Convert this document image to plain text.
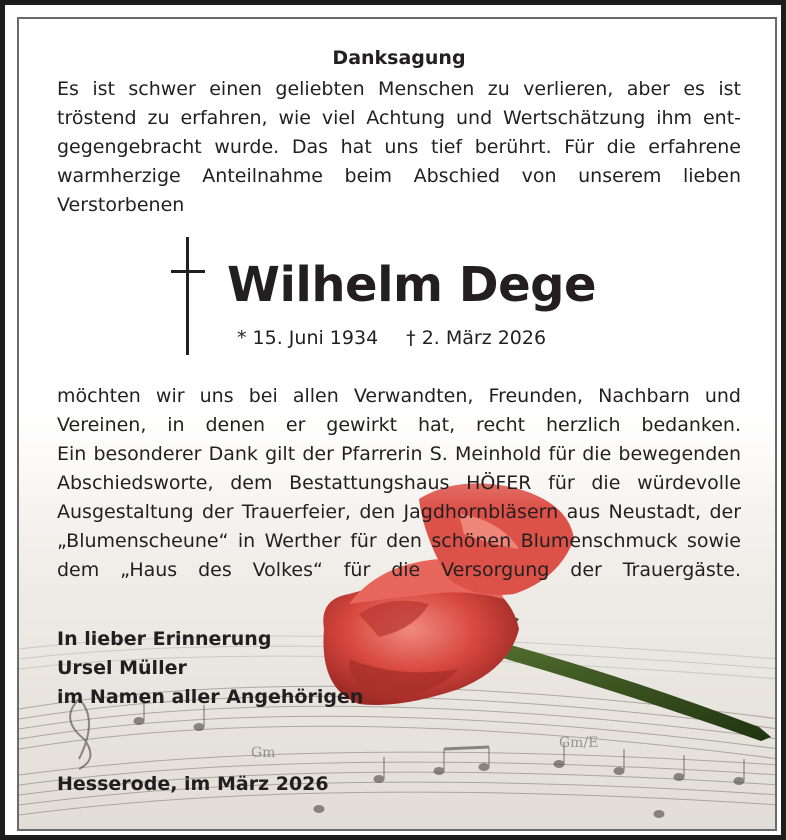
Gm
Gm/E
Danksagung
Es ist schwer einen geliebten Menschen zu verlieren, aber es ist
tröstend zu erfahren, wie viel Achtung und Wertschätzung ihm ent-
gegengebracht wurde. Das hat uns tief berührt. Für die erfahrene
warmherzige Anteilnahme beim Abschied von unserem lieben
Verstorbenen
Wilhelm Dege
* 15. Juni 1934 † 2. März 2026
möchten wir uns bei allen Verwandten, Freunden, Nachbarn und
Vereinen, in denen er gewirkt hat, recht herzlich bedanken.
Ein besonderer Dank gilt der Pfarrerin S. Meinhold für die bewegenden
Abschiedsworte, dem Bestattungshaus HÖFER für die würdevolle
Ausgestaltung der Trauerfeier, den Jagdhornbläsern aus Neustadt, der
„Blumenscheune“ in Werther für den schönen Blumenschmuck sowie
dem „Haus des Volkes“ für die Versorgung der Trauergäste.
In lieber Erinnerung
Ursel Müller
im Namen aller Angehörigen
Hesserode, im März 2026
